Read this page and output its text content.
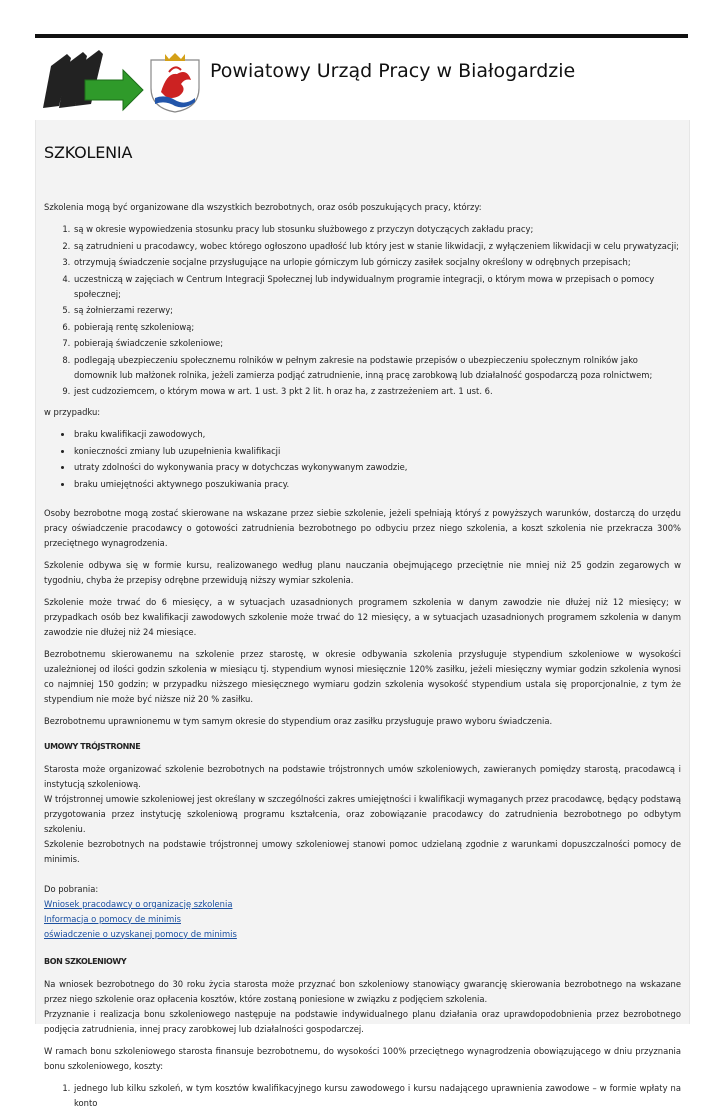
Powiatowy Urząd Pracy w Białogardzie
SZKOLENIA

Szkolenia mogą być organizowane dla wszystkich bezrobotnych, oraz osób poszukujących pracy, którzy:

1. są w okresie wypowiedzenia stosunku pracy lub stosunku służbowego z przyczyn dotyczących zakładu pracy;
2. są zatrudnieni u pracodawcy, wobec którego ogłoszono upadłość lub który jest w stanie likwidacji, z wyłączeniem likwidacji w celu prywatyzacji;
3. otrzymują świadczenie socjalne przysługujące na urlopie górniczym lub górniczy zasiłek socjalny określony w odrębnych przepisach;
4. uczestniczą w zajęciach w Centrum Integracji Społecznej lub indywidualnym programie integracji, o którym mowa w przepisach o pomocy społecznej;
5. są żołnierzami rezerwy;
6. pobierają rentę szkoleniową;
7. pobierają świadczenie szkoleniowe;
8. podlegają ubezpieczeniu społecznemu rolników w pełnym zakresie na podstawie przepisów o ubezpieczeniu społecznym rolników jako domownik lub małżonek rolnika, jeżeli zamierza podjąć zatrudnienie, inną pracę zarobkową lub działalność gospodarczą poza rolnictwem;
9. jest cudzoziemcem, o którym mowa w art. 1 ust. 3 pkt 2 lit. h oraz ha, z zastrzeżeniem art. 1 ust. 6.

w przypadku:

• braku kwalifikacji zawodowych,
• konieczności zmiany lub uzupełnienia kwalifikacji
• utraty zdolności do wykonywania pracy w dotychczas wykonywanym zawodzie,
• braku umiejętności aktywnego poszukiwania pracy.

Osoby bezrobotne mogą zostać skierowane na wskazane przez siebie szkolenie, jeżeli spełniają któryś z powyższych warunków, dostarczą do urzędu pracy oświadczenie pracodawcy o gotowości zatrudnienia bezrobotnego po odbyciu przez niego szkolenia, a koszt szkolenia nie przekracza 300% przeciętnego wynagrodzenia.

Szkolenie odbywa się w formie kursu, realizowanego według planu nauczania obejmującego przeciętnie nie mniej niż 25 godzin zegarowych w tygodniu, chyba że przepisy odrębne przewidują niższy wymiar szkolenia.

Szkolenie może trwać do 6 miesięcy, a w sytuacjach uzasadnionych programem szkolenia w danym zawodzie nie dłużej niż 12 miesięcy; w przypadkach osób bez kwalifikacji zawodowych szkolenie może trwać do 12 miesięcy, a w sytuacjach uzasadnionych programem szkolenia w danym zawodzie nie dłużej niż 24 miesiące.

Bezrobotnemu skierowanemu na szkolenie przez starostę, w okresie odbywania szkolenia przysługuje stypendium szkoleniowe w wysokości uzależnionej od ilości godzin szkolenia w miesiącu tj. stypendium wynosi miesięcznie 120% zasiłku, jeżeli miesięczny wymiar godzin szkolenia wynosi co najmniej 150 godzin; w przypadku niższego miesięcznego wymiaru godzin szkolenia wysokość stypendium ustala się proporcjonalnie, z tym że stypendium nie może być niższe niż 20 % zasiłku.

Bezrobotnemu uprawnionemu w tym samym okresie do stypendium oraz zasiłku przysługuje prawo wyboru świadczenia.

UMOWY TRÓJSTRONNE

Starosta może organizować szkolenie bezrobotnych na podstawie trójstronnych umów szkoleniowych, zawieranych pomiędzy starostą, pracodawcą i instytucją szkoleniową.

W trójstronnej umowie szkoleniowej jest określany w szczególności zakres umiejętności i kwalifikacji wymaganych przez pracodawcę, będący podstawą przygotowania przez instytucję szkoleniową programu kształcenia, oraz zobowiązanie pracodawcy do zatrudnienia bezrobotnego po odbytym szkoleniu.

Szkolenie bezrobotnych na podstawie trójstronnej umowy szkoleniowej stanowi pomoc udzielaną zgodnie z warunkami dopuszczalności pomocy de minimis.

Do pobrania:

Wniosek pracodawcy o organizację szkolenia
Informacja o pomocy de minimis
oświadczenie o uzyskanej pomocy de minimis
BON SZKOLENIOWY

Na wniosek bezrobotnego do 30 roku życia starosta może przyznać bon szkoleniowy stanowiący gwarancję skierowania bezrobotnego na wskazane przez niego szkolenie oraz opłacenia kosztów, które zostaną poniesione w związku z podjęciem szkolenia.

Przyznanie i realizacja bonu szkoleniowego następuje na podstawie indywidualnego planu działania oraz uprawdopodobnienia przez bezrobotnego podjęcia zatrudnienia, innej pracy zarobkowej lub działalności gospodarczej.

W ramach bonu szkoleniowego starosta finansuje bezrobotnemu, do wysokości 100% przeciętnego wynagrodzenia obowiązującego w dniu przyznania bonu szkoleniowego, koszty:

1. jednego lub kilku szkoleń, w tym kosztów kwalifikacyjnego kursu zawodowego i kursu nadającego uprawnienia zawodowe – w formie wpłaty na konto
